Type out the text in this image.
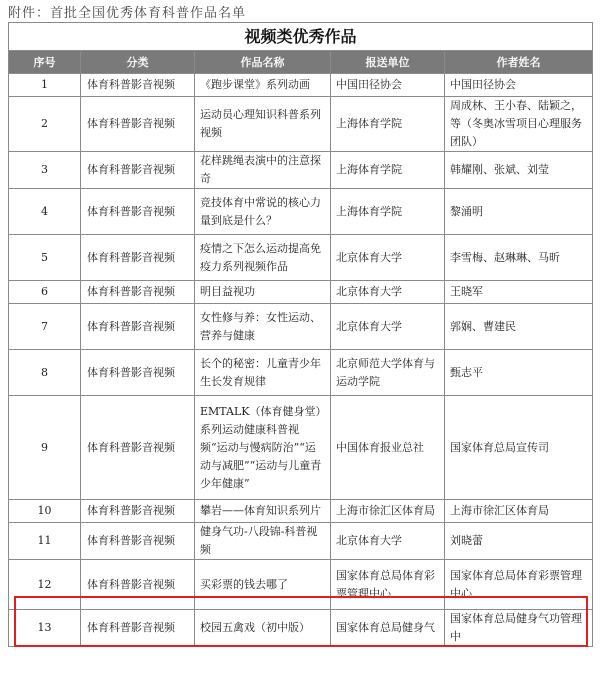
附件：首批全国优秀体育科普作品名单
视频类优秀作品				
序号	分类	作品名称	报送单位	作者姓名
1	体育科普影音视频	《跑步课堂》系列动画	中国田径协会	中国田径协会
2	体育科普影音视频	运动员心理知识科普系列视频	上海体育学院	周成林、王小春、陆颖之，等（冬奥冰雪项目心理服务团队）
3	体育科普影音视频	花样跳绳表演中的注意探奇	上海体育学院	韩耀刚、张斌、刘莹
4	体育科普影音视频	竞技体育中常说的核心力量到底是什么？	上海体育学院	黎涌明
5	体育科普影音视频	疫情之下怎么运动提高免疫力系列视频作品	北京体育大学	李雪梅、赵琳琳、马昕
6	体育科普影音视频	明目益视功	北京体育大学	王晓军
7	体育科普影音视频	女性修与养：女性运动、营养与健康	北京体育大学	郭娴、曹建民
8	体育科普影音视频	长个的秘密：儿童青少年生长发育规律	北京师范大学体育与运动学院	甄志平
9	体育科普影音视频	EMTALK（体育健身堂）系列运动健康科普视频“运动与慢病防治”“运动与减肥”“运动与儿童青少年健康”	中国体育报业总社	国家体育总局宣传司
10	体育科普影音视频	攀岩——体育知识系列片	上海市徐汇区体育局	上海市徐汇区体育局
11	体育科普影音视频	健身气功-八段锦-科普视频	北京体育大学	刘晓蕾
12	体育科普影音视频	买彩票的钱去哪了	国家体育总局体育彩票管理中心	国家体育总局体育彩票管理中心
13	体育科普影音视频	校园五禽戏（初中版）	国家体育总局健身气	国家体育总局健身气功管理中
